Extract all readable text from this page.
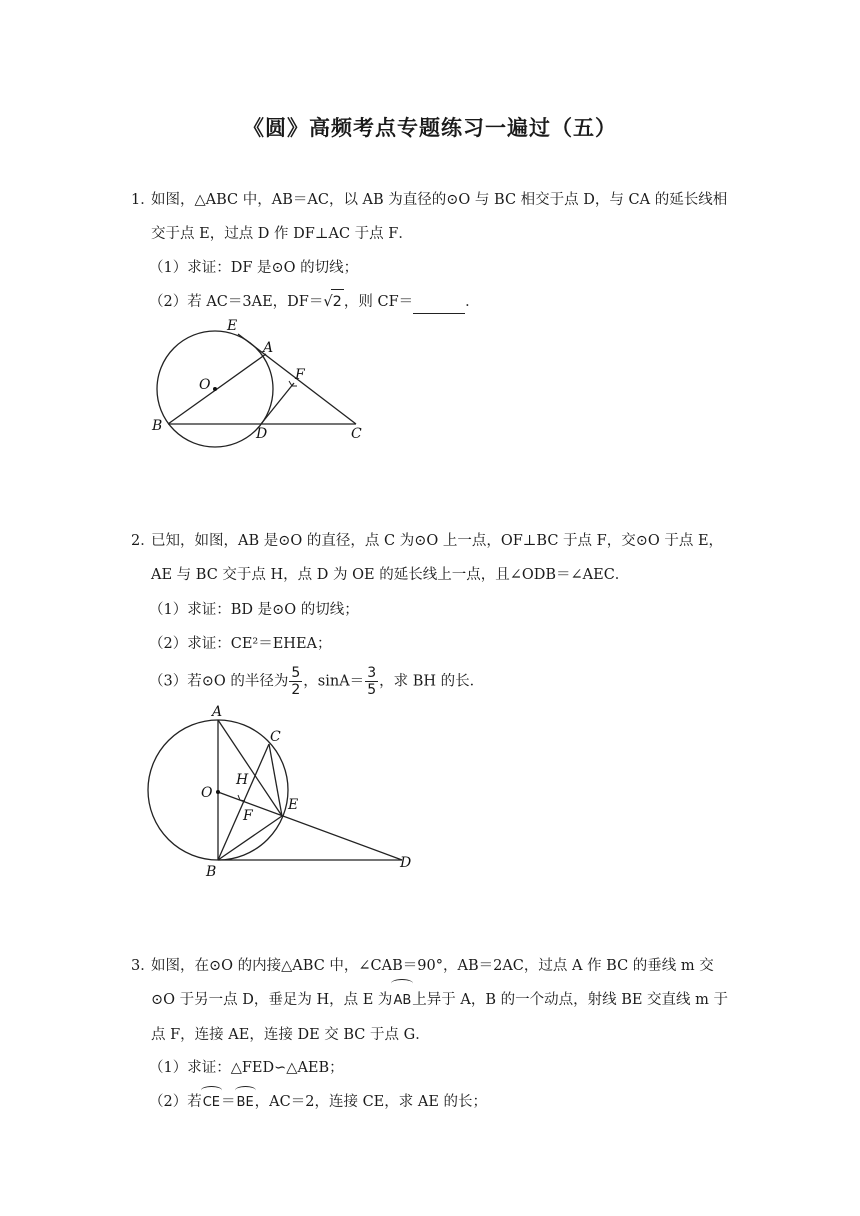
《圆》高频考点专题练习一遍过（五）
1．如图，△ABC 中，AB＝AC，以 AB 为直径的⊙O 与 BC 相交于点 D，与 CA 的延长线相
交于点 E，过点 D 作 DF⊥AC 于点 F．
（1）求证：DF 是⊙O 的切线；
（2）若 AC＝3AE，DF＝√2 ，则 CF＝	．
E
A
O
F
B	D	C
2．已知，如图，AB 是⊙O 的直径，点 C 为⊙O 上一点，OF⊥BC 于点 F，交⊙O 于点 E，
AE 与 BC 交于点 H，点 D 为 OE 的延长线上一点，且∠ODB＝∠AEC．
（1）求证：BD 是⊙O 的切线；
（2）求证：CE²＝EHEA；
（3）若⊙O 的半径为 $\frac{5}{2}$ ，$\sin A= \frac{3}{5}$ ，求 BH 的长．
A
C
H
O
E
F
B
D
3．如图，在⊙O 的内接△ABC 中，∠CAB＝90°，AB＝2AC，过点 A 作 BC 的垂线 m 交
⊙O 于另一点 D，垂足为 H，点 E 为AB上异于 A，B 的一个动点，射线 BE 交直线 m 于
点 F，连接 AE，连接 DE 交 BC 于点 G．
（1）求证：△FED∽△AEB；
（2）若CE＝BE，AC＝2，连接 CE，求 AE 的长；
